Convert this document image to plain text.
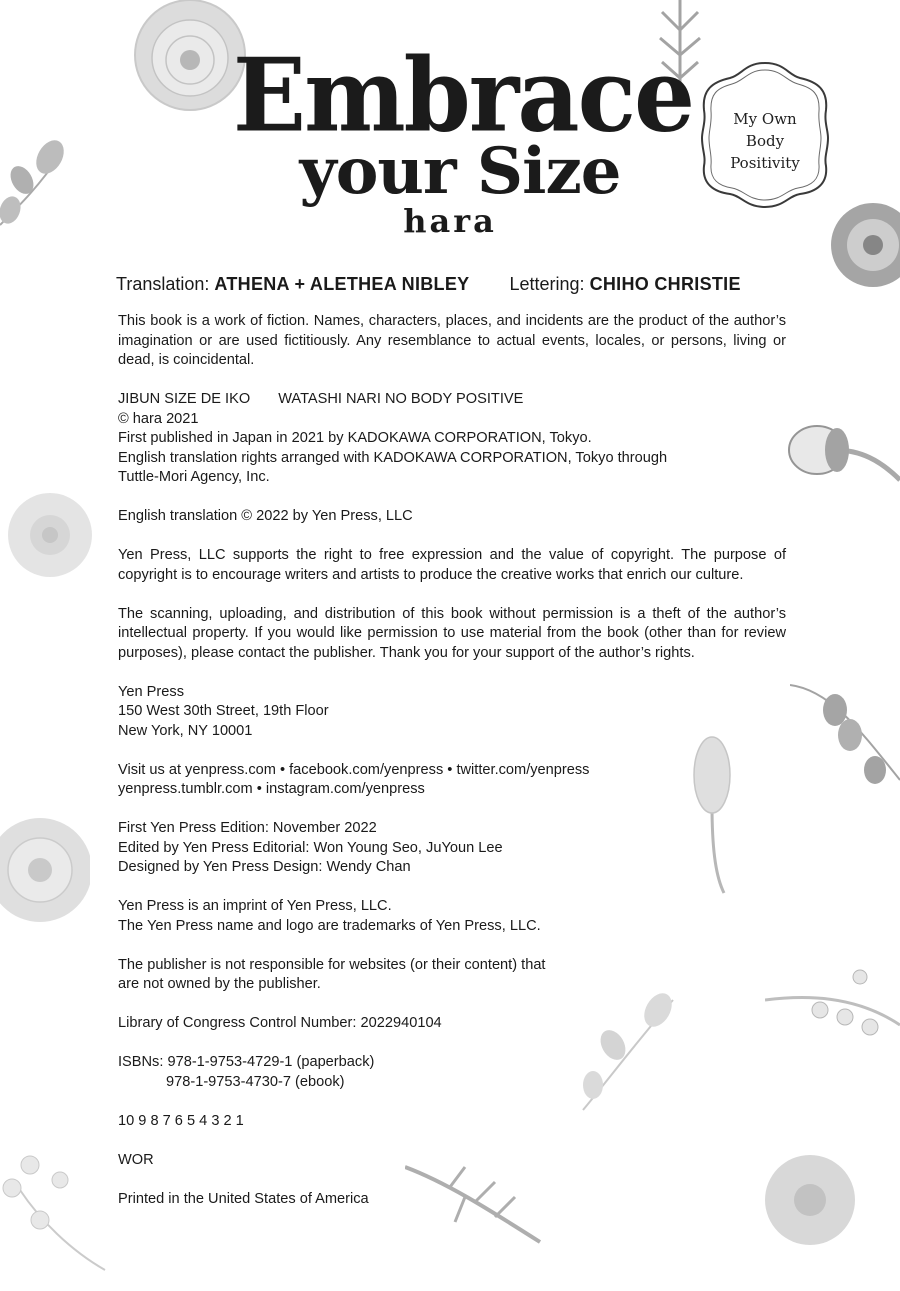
Embrace
your Size
hara
My Own
Body
Positivity
Translation: ATHENA + ALETHEA NIBLEY Lettering: CHIHO CHRISTIE

This book is a work of fiction. Names, characters, places, and incidents are the product of the author’s imagination or are used fictitiously. Any resemblance to actual events, locales, or persons, living or dead, is coincidental.

JIBUN SIZE DE IKO WATASHI NARI NO BODY POSITIVE
© hara 2021
First published in Japan in 2021 by KADOKAWA CORPORATION, Tokyo.
English translation rights arranged with KADOKAWA CORPORATION, Tokyo through
Tuttle-Mori Agency, Inc.

English translation © 2022 by Yen Press, LLC

Yen Press, LLC supports the right to free expression and the value of copyright. The purpose of copyright is to encourage writers and artists to produce the creative works that enrich our culture.

The scanning, uploading, and distribution of this book without permission is a theft of the author’s intellectual property. If you would like permission to use material from the book (other than for review purposes), please contact the publisher. Thank you for your support of the author’s rights.

Yen Press
150 West 30th Street, 19th Floor
New York, NY 10001

Visit us at yenpress.com • facebook.com/yenpress • twitter.com/yenpress
yenpress.tumblr.com • instagram.com/yenpress

First Yen Press Edition: November 2022
Edited by Yen Press Editorial: Won Young Seo, JuYoun Lee
Designed by Yen Press Design: Wendy Chan

Yen Press is an imprint of Yen Press, LLC.
The Yen Press name and logo are trademarks of Yen Press, LLC.

The publisher is not responsible for websites (or their content) that
are not owned by the publisher.

Library of Congress Control Number: 2022940104

ISBNs: 978-1-9753-4729-1 (paperback)
978-1-9753-4730-7 (ebook)

10 9 8 7 6 5 4 3 2 1

WOR

Printed in the United States of America
